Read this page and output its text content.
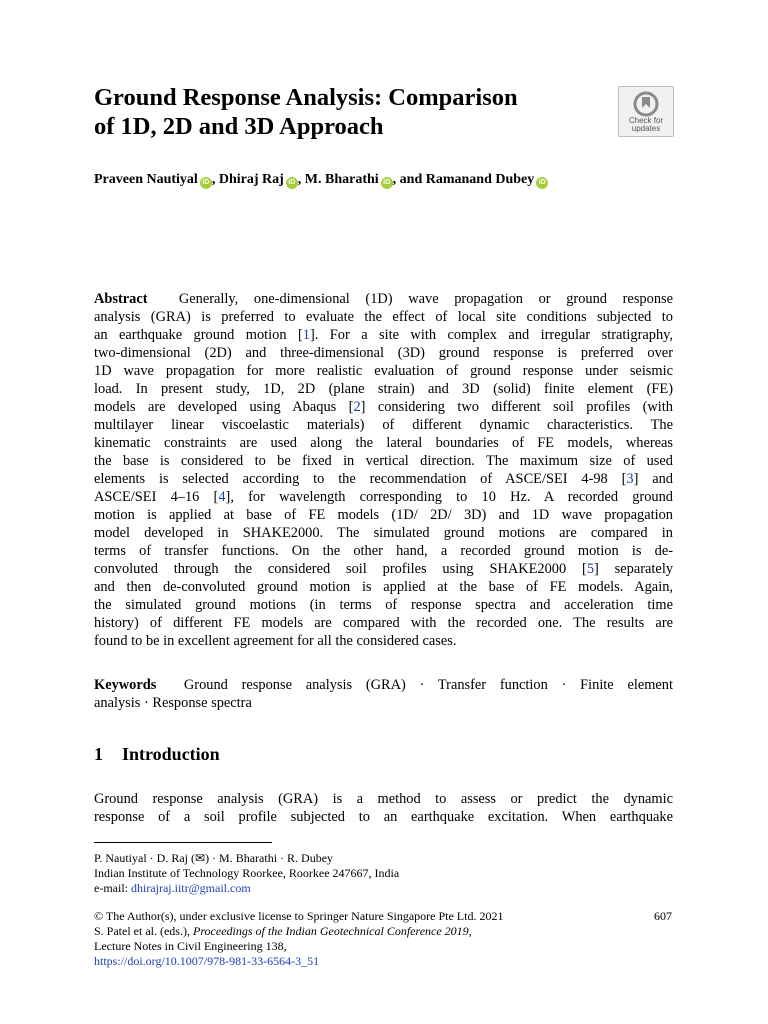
Ground Response Analysis: Comparison
of 1D, 2D and 3D Approach	Check for
updates
Praveen Nautiyal iD , Dhiraj Raj iD , M. Bharathi iD , and Ramanand Dubey iD
Abstract Generally, one-dimensional (1D) wave propagation or ground response
analysis (GRA) is preferred to evaluate the effect of local site conditions subjected to
an earthquake ground motion [1]. For a site with complex and irregular stratigraphy,
two-dimensional (2D) and three-dimensional (3D) ground response is preferred over
1D wave propagation for more realistic evaluation of ground response under seismic
load. In present study, 1D, 2D (plane strain) and 3D (solid) finite element (FE)
models are developed using Abaqus [2] considering two different soil profiles (with
multilayer linear viscoelastic materials) of different dynamic characteristics. The
kinematic constraints are used along the lateral boundaries of FE models, whereas
the base is considered to be fixed in vertical direction. The maximum size of used
elements is selected according to the recommendation of ASCE/SEI 4-98 [3] and
ASCE/SEI 4–16 [4], for wavelength corresponding to 10 Hz. A recorded ground
motion is applied at base of FE models (1D/ 2D/ 3D) and 1D wave propagation
model developed in SHAKE2000. The simulated ground motions are compared in
terms of transfer functions. On the other hand, a recorded ground motion is de-
convoluted through the considered soil profiles using SHAKE2000 [5] separately
and then de-convoluted ground motion is applied at the base of FE models. Again,
the simulated ground motions (in terms of response spectra and acceleration time
history) of different FE models are compared with the recorded one. The results are
found to be in excellent agreement for all the considered cases.
Keywords Ground response analysis (GRA) · Transfer function · Finite element
analysis · Response spectra
1 Introduction
Ground response analysis (GRA) is a method to assess or predict the dynamic
response of a soil profile subjected to an earthquake excitation. When earthquake
P. Nautiyal · D. Raj (✉) · M. Bharathi · R. Dubey
Indian Institute of Technology Roorkee, Roorkee 247667, India
e-mail: dhirajraj.iitr@gmail.com
© The Author(s), under exclusive license to Springer Nature Singapore Pte Ltd. 2021	607
S. Patel et al. (eds.), Proceedings of the Indian Geotechnical Conference 2019,
Lecture Notes in Civil Engineering 138,
https://doi.org/10.1007/978-981-33-6564-3_51
